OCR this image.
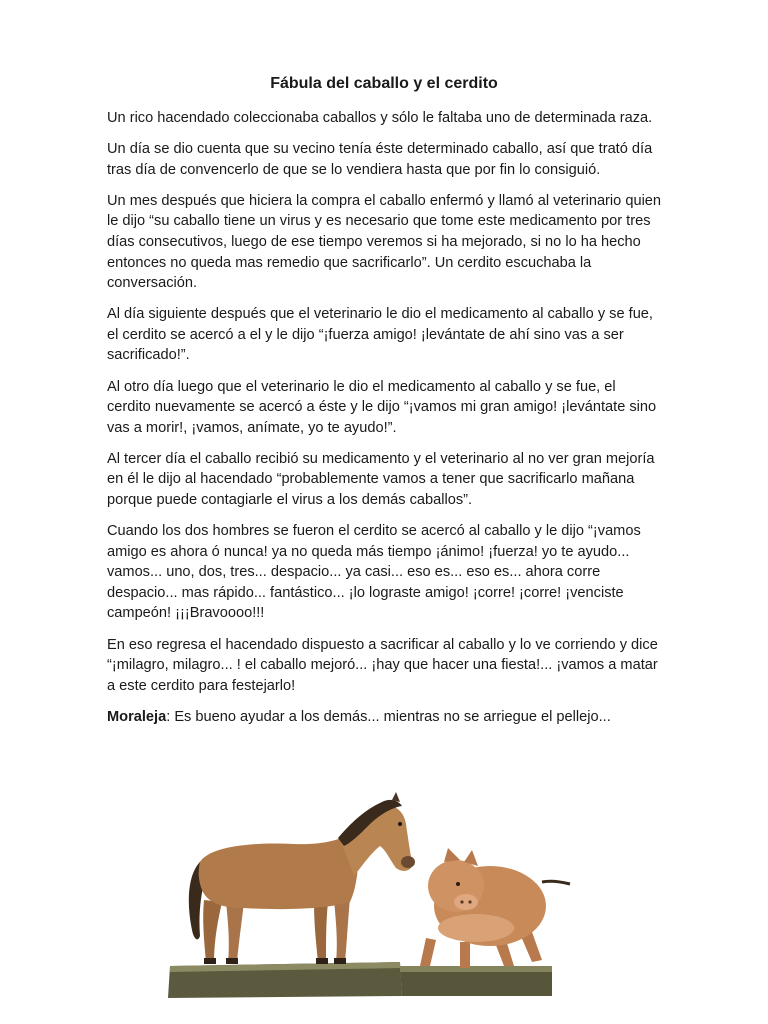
Fábula del caballo y el cerdito

Un rico hacendado coleccionaba caballos y sólo le faltaba uno de determinada raza.

Un día se dio cuenta que su vecino tenía éste determinado caballo, así que trató día tras día de convencerlo de que se lo vendiera hasta que por fin lo consiguió.

Un mes después que hiciera la compra el caballo enfermó y llamó al veterinario quien le dijo “su caballo tiene un virus y es necesario que tome este medicamento por tres días consecutivos, luego de ese tiempo veremos si ha mejorado, si no lo ha hecho entonces no queda mas remedio que sacrificarlo”. Un cerdito escuchaba la conversación.

Al día siguiente después que el veterinario le dio el medicamento al caballo y se fue, el cerdito se acercó a el y le dijo “¡fuerza amigo! ¡levántate de ahí sino vas a ser sacrificado!”.

Al otro día luego que el veterinario le dio el medicamento al caballo y se fue, el cerdito nuevamente se acercó a éste y le dijo “¡vamos mi gran amigo! ¡levántate sino vas a morir!, ¡vamos, anímate, yo te ayudo!”.

Al tercer día el caballo recibió su medicamento y el veterinario al no ver gran mejoría en él le dijo al hacendado “probablemente vamos a tener que sacrificarlo mañana porque puede contagiarle el virus a los demás caballos”.

Cuando los dos hombres se fueron el cerdito se acercó al caballo y le dijo “¡vamos amigo es ahora ó nunca! ya no queda más tiempo ¡ánimo! ¡fuerza! yo te ayudo... vamos... uno, dos, tres... despacio... ya casi... eso es... eso es... ahora corre despacio... mas rápido... fantástico... ¡lo lograste amigo! ¡corre! ¡corre! ¡venciste campeón! ¡¡¡Bravoooo!!!

En eso regresa el hacendado dispuesto a sacrificar al caballo y lo ve corriendo y dice “¡milagro, milagro... ! el caballo mejoró... ¡hay que hacer una fiesta!... ¡vamos a matar a este cerdito para festejarlo!

Moraleja: Es bueno ayudar a los demás... mientras no se arriegue el pellejo...
